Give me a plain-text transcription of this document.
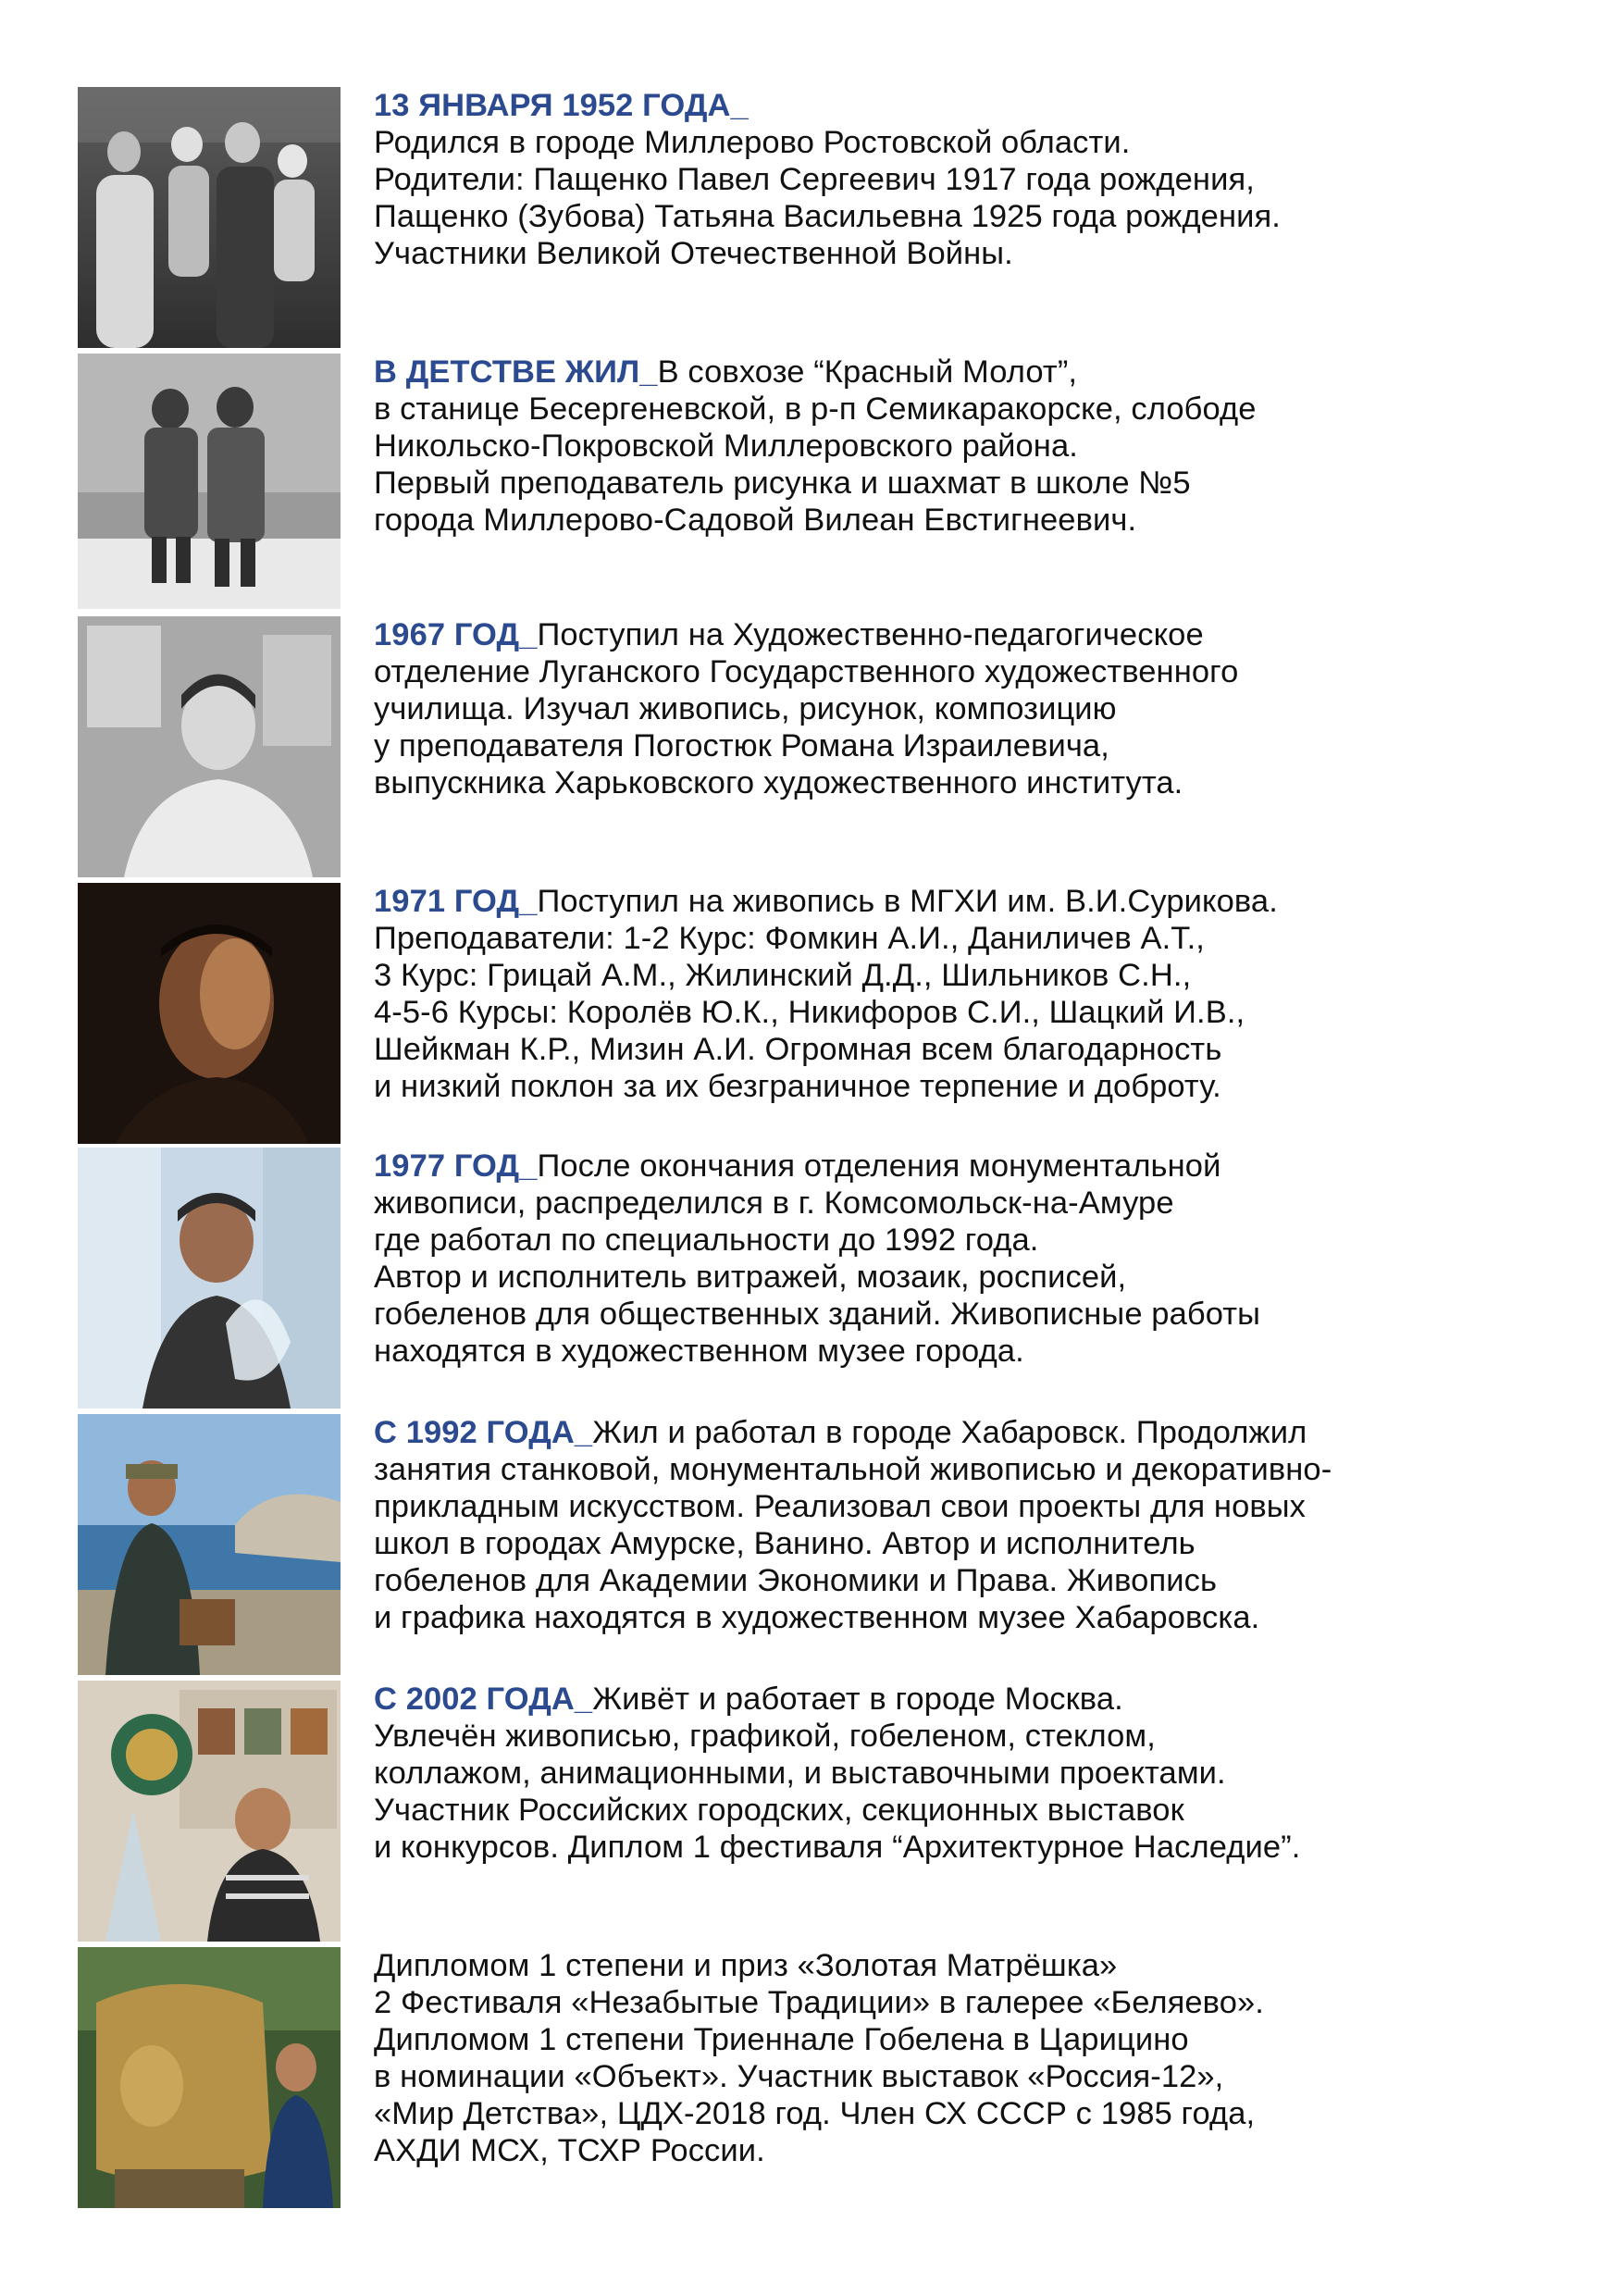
13 ЯНВАРЯ 1952 ГОДА_
Родился в городе Миллерово Ростовской области.
Родители: Пащенко Павел Сергеевич 1917 года рождения,
Пащенко (Зубова) Татьяна Васильевна 1925 года рождения.
Участники Великой Отечественной Войны.
В ДЕТСТВЕ ЖИЛ_В совхозе “Красный Молот”,
в станице Бесергеневской, в р-п Семикаракорске, слободе
Никольско-Покровской Миллеровского района.
Первый преподаватель рисунка и шахмат в школе №5
города Миллерово-Садовой Вилеан Евстигнеевич.
1967 ГОД_Поступил на Художественно-педагогическое
отделение Луганского Государственного художественного
училища. Изучал живопись, рисунок, композицию
у преподавателя Погостюк Романа Израилевича,
выпускника Харьковского художественного института.
1971 ГОД_Поступил на живопись в МГХИ им. В.И.Сурикова.
Преподаватели: 1-2 Курс: Фомкин А.И., Даниличев А.Т.,
3 Курс: Грицай А.М., Жилинский Д.Д., Шильников С.Н.,
4-5-6 Курсы: Королёв Ю.К., Никифоров С.И., Шацкий И.В.,
Шейкман К.Р., Мизин А.И. Огромная всем благодарность
и низкий поклон за их безграничное терпение и доброту.
1977 ГОД_После окончания отделения монументальной
живописи, распределился в г. Комсомольск-на-Амуре
где работал по специальности до 1992 года.
Автор и исполнитель витражей, мозаик, росписей,
гобеленов для общественных зданий. Живописные работы
находятся в художественном музее города.
С 1992 ГОДА_Жил и работал в городе Хабаровск. Продолжил
занятия станковой, монументальной живописью и декоративно-
прикладным искусством. Реализовал свои проекты для новых
школ в городах Амурске, Ванино. Автор и исполнитель
гобеленов для Академии Экономики и Права. Живопись
и графика находятся в художественном музее Хабаровска.
С 2002 ГОДА_Живёт и работает в городе Москва.
Увлечён живописью, графикой, гобеленом, стеклом,
коллажом, анимационными, и выставочными проектами.
Участник Российских городских, секционных выставок
и конкурсов. Диплом 1 фестиваля “Архитектурное Наследие”.
Дипломом 1 степени и приз «Золотая Матрёшка»
2 Фестиваля «Незабытые Традиции» в галерее «Беляево».
Дипломом 1 степени Триеннале Гобелена в Царицино
в номинации «Объект». Участник выставок «Россия-12»,
«Мир Детства», ЦДХ-2018 год. Член СХ СССР с 1985 года,
АХДИ МСХ, ТСХР России.
